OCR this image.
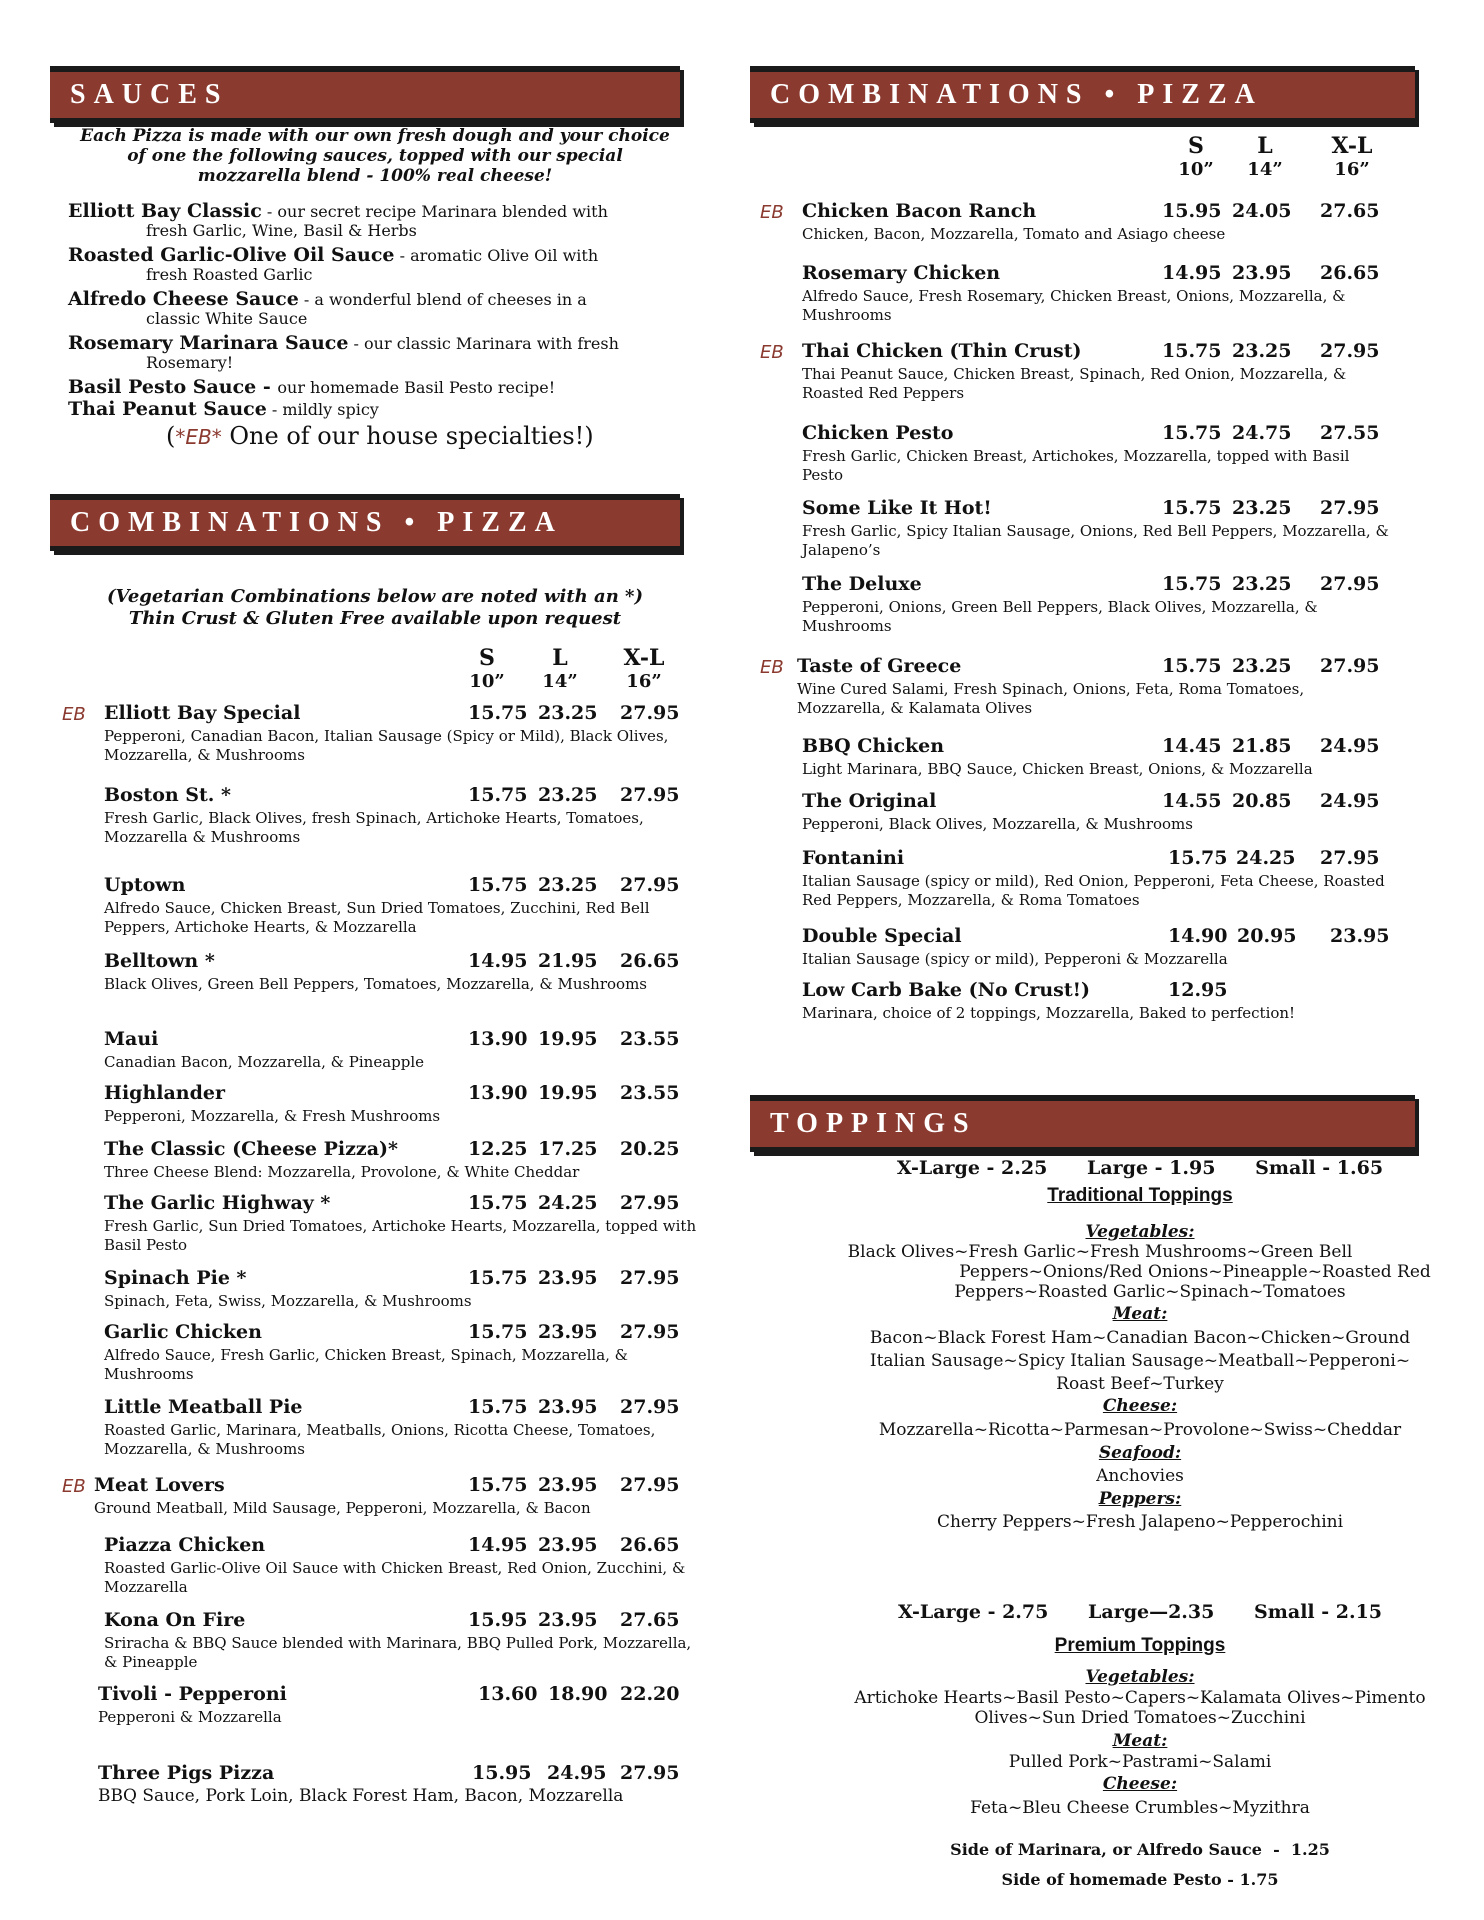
SAUCES
Each Pizza is made with our own fresh dough and your choice
of one the following sauces, topped with our special
mozzarella blend - 100% real cheese!
Elliott Bay Classic - our secret recipe Marinara blended with
fresh Garlic, Wine, Basil & Herbs
Roasted Garlic-Olive Oil Sauce - aromatic Olive Oil with
fresh Roasted Garlic
Alfredo Cheese Sauce - a wonderful blend of cheeses in a
classic White Sauce
Rosemary Marinara Sauce - our classic Marinara with fresh
Rosemary!
Basil Pesto Sauce - our homemade Basil Pesto recipe!
Thai Peanut Sauce - mildly spicy
(*EB* One of our house specialties!)
COMBINATIONS • PIZZA
(Vegetarian Combinations below are noted with an *)
Thin Crust & Gluten Free available upon request
S
10”
L
14”
X-L
16”
EB Elliott Bay Special	15.75 23.25 27.95
Pepperoni, Canadian Bacon, Italian Sausage (Spicy or Mild), Black Olives, Mozzarella, & Mushrooms
Boston St. *	15.75 23.25 27.95
Fresh Garlic, Black Olives, fresh Spinach, Artichoke Hearts, Tomatoes, Mozzarella & Mushrooms
Uptown	15.75 23.25 27.95
Alfredo Sauce, Chicken Breast, Sun Dried Tomatoes, Zucchini, Red Bell Peppers, Artichoke Hearts, & Mozzarella
Belltown *	14.95 21.95 26.65
Black Olives, Green Bell Peppers, Tomatoes, Mozzarella, & Mushrooms
Maui	13.90 19.95 23.55
Canadian Bacon, Mozzarella, & Pineapple
Highlander	13.90 19.95 23.55
Pepperoni, Mozzarella, & Fresh Mushrooms
The Classic (Cheese Pizza)*	12.25 17.25 20.25
Three Cheese Blend: Mozzarella, Provolone, & White Cheddar
The Garlic Highway *	15.75 24.25 27.95
Fresh Garlic, Sun Dried Tomatoes, Artichoke Hearts, Mozzarella, topped with Basil Pesto
Spinach Pie *	15.75 23.95 27.95
Spinach, Feta, Swiss, Mozzarella, & Mushrooms
Garlic Chicken	15.75 23.95 27.95
Alfredo Sauce, Fresh Garlic, Chicken Breast, Spinach, Mozzarella, & Mushrooms
Little Meatball Pie	15.75 23.95 27.95
Roasted Garlic, Marinara, Meatballs, Onions, Ricotta Cheese, Tomatoes, Mozzarella, & Mushrooms
EB Meat Lovers	15.75 23.95 27.95
Ground Meatball, Mild Sausage, Pepperoni, Mozzarella, & Bacon
Piazza Chicken	14.95 23.95 26.65
Roasted Garlic-Olive Oil Sauce with Chicken Breast, Red Onion, Zucchini, & Mozzarella
Kona On Fire	15.95 23.95 27.65
Sriracha & BBQ Sauce blended with Marinara, BBQ Pulled Pork, Mozzarella, & Pineapple
Tivoli - Pepperoni	13.60 18.90 22.20
Pepperoni & Mozzarella
Three Pigs Pizza	15.95 24.95 27.95
BBQ Sauce, Pork Loin, Black Forest Ham, Bacon, Mozzarella
COMBINATIONS • PIZZA
S
10”
L
14”
X-L
16”
EB Chicken Bacon Ranch	15.95 24.05 27.65
Chicken, Bacon, Mozzarella, Tomato and Asiago cheese
Rosemary Chicken	14.95 23.95 26.65
Alfredo Sauce, Fresh Rosemary, Chicken Breast, Onions, Mozzarella, & Mushrooms
EB Thai Chicken (Thin Crust)	15.75 23.25 27.95
Thai Peanut Sauce, Chicken Breast, Spinach, Red Onion, Mozzarella, & Roasted Red Peppers
Chicken Pesto	15.75 24.75 27.55
Fresh Garlic, Chicken Breast, Artichokes, Mozzarella, topped with Basil Pesto
Some Like It Hot!	15.75 23.25 27.95
Fresh Garlic, Spicy Italian Sausage, Onions, Red Bell Peppers, Mozzarella, & Jalapeno’s
The Deluxe	15.75 23.25 27.95
Pepperoni, Onions, Green Bell Peppers, Black Olives, Mozzarella, & Mushrooms
EB Taste of Greece	15.75 23.25 27.95
Wine Cured Salami, Fresh Spinach, Onions, Feta, Roma Tomatoes, Mozzarella, & Kalamata Olives
BBQ Chicken	14.45 21.85 24.95
Light Marinara, BBQ Sauce, Chicken Breast, Onions, & Mozzarella
The Original	14.55 20.85 24.95
Pepperoni, Black Olives, Mozzarella, & Mushrooms
Fontanini	15.75 24.25 27.95
Italian Sausage (spicy or mild), Red Onion, Pepperoni, Feta Cheese, Roasted Red Peppers, Mozzarella, & Roma Tomatoes
Double Special	14.90 20.95 23.95
Italian Sausage (spicy or mild), Pepperoni & Mozzarella
Low Carb Bake (No Crust!)	12.95
Marinara, choice of 2 toppings, Mozzarella, Baked to perfection!
TOPPINGS
X-Large - 2.25      Large - 1.95      Small - 1.65
Traditional Toppings
Vegetables:
Black Olives~Fresh Garlic~Fresh Mushrooms~Green Bell
Peppers~Onions/Red Onions~Pineapple~Roasted Red
Peppers~Roasted Garlic~Spinach~Tomatoes
Meat:
Bacon~Black Forest Ham~Canadian Bacon~Chicken~Ground
Italian Sausage~Spicy Italian Sausage~Meatball~Pepperoni~
Roast Beef~Turkey
Cheese:
Mozzarella~Ricotta~Parmesan~Provolone~Swiss~Cheddar
Seafood:
Anchovies
Peppers:
Cherry Peppers~Fresh Jalapeno~Pepperochini
X-Large - 2.75      Large—2.35      Small - 2.15
Premium Toppings
Vegetables:
Artichoke Hearts~Basil Pesto~Capers~Kalamata Olives~Pimento
Olives~Sun Dried Tomatoes~Zucchini
Meat:
Pulled Pork~Pastrami~Salami
Cheese:
Feta~Bleu Cheese Crumbles~Myzithra
Side of Marinara, or Alfredo Sauce  -  1.25
Side of homemade Pesto - 1.75
